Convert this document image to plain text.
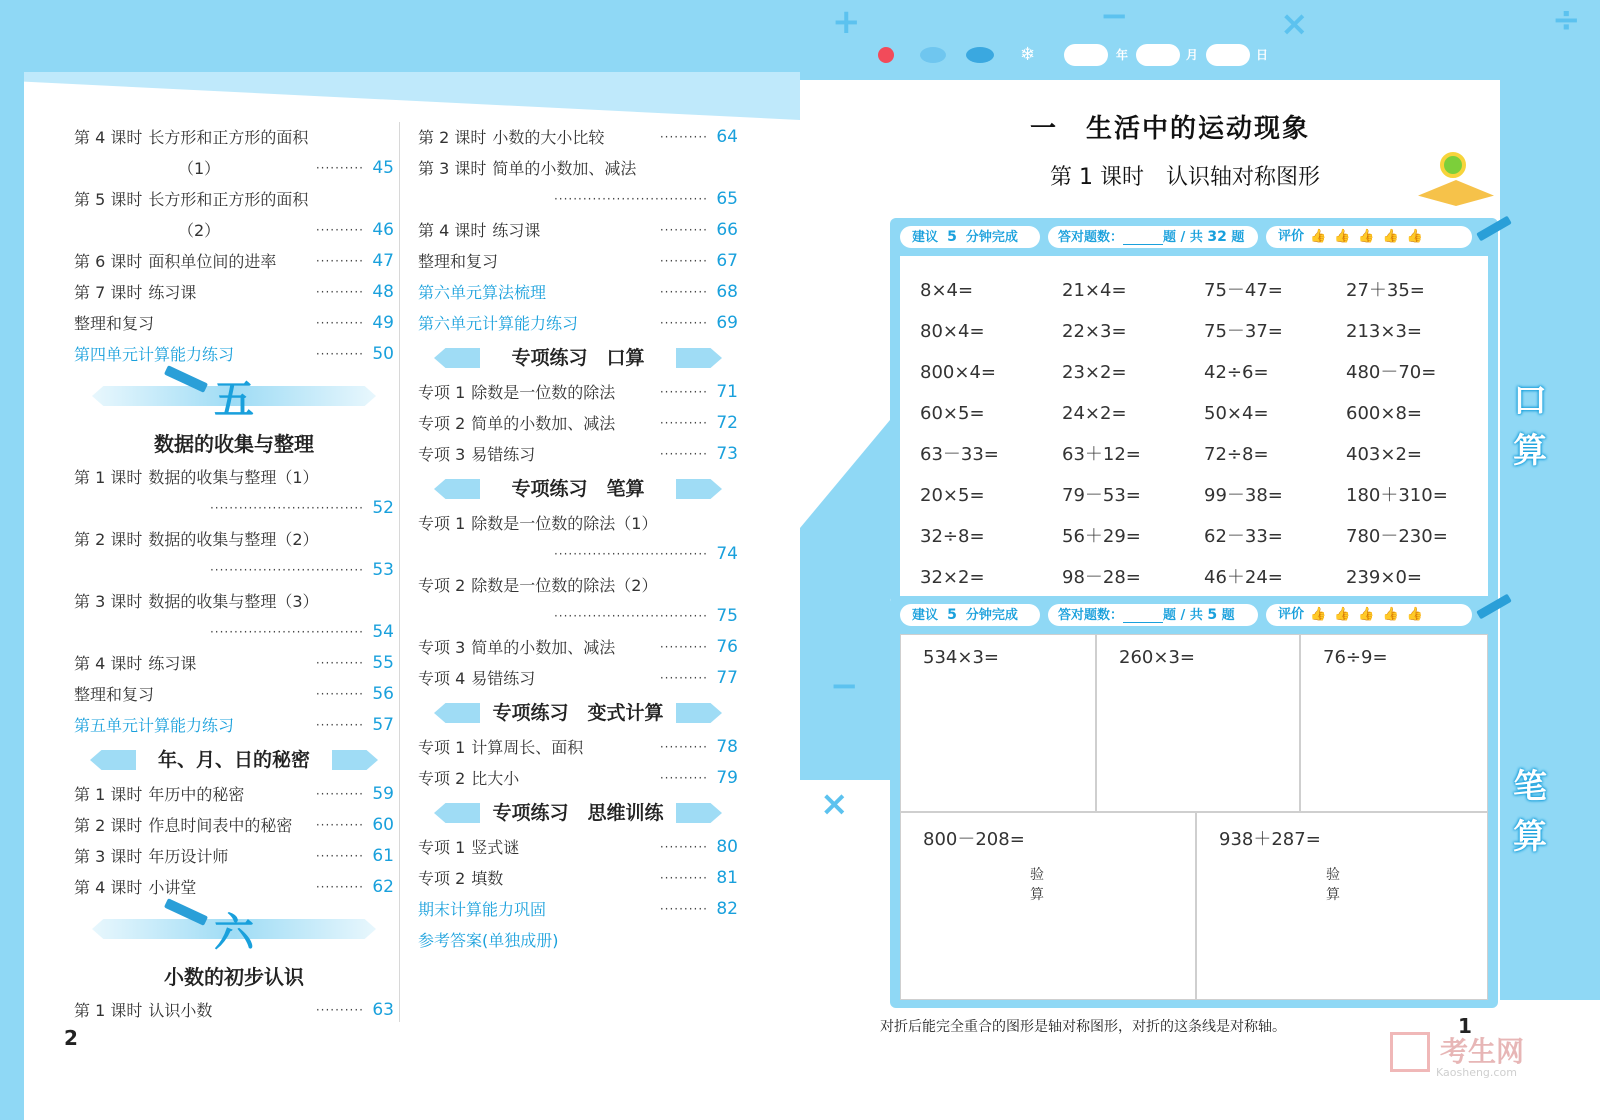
第 4 课时 长方形和正方形的面积
（1）	·········· 45
第 5 课时 长方形和正方形的面积
（2）	·········· 46
第 6 课时 面积单位间的进率	·········· 47
第 7 课时 练习课	·········· 48
整理和复习	·········· 49
第四单元计算能力练习	·········· 50
五
数据的收集与整理
第 1 课时 数据的收集与整理（1）
································ 52
第 2 课时 数据的收集与整理（2）
································ 53
第 3 课时 数据的收集与整理（3）
································ 54
第 4 课时 练习课	·········· 55
整理和复习	·········· 56
第五单元计算能力练习	·········· 57
年、月、日的秘密
第 1 课时 年历中的秘密	·········· 59
第 2 课时 作息时间表中的秘密 ·········· 60
第 3 课时 年历设计师	·········· 61
第 4 课时 小讲堂	·········· 62
六
小数的初步认识
第 1 课时 认识小数	·········· 63
第 2 课时 小数的大小比较	·········· 64
第 3 课时 简单的小数加、减法
································ 65
第 4 课时 练习课	·········· 66
整理和复习	·········· 67
第六单元算法梳理	·········· 68
第六单元计算能力练习	·········· 69
专项练习　口算
专项 1 除数是一位数的除法	·········· 71
专项 2 简单的小数加、减法	·········· 72
专项 3 易错练习	·········· 73
专项练习　笔算
专项 1 除数是一位数的除法（1）
································ 74
专项 2 除数是一位数的除法（2）
································ 75
专项 3 简单的小数加、减法	·········· 76
专项 4 易错练习	·········· 77
专项练习　变式计算
专项 1 计算周长、面积	·········· 78
专项 2 比大小	·········· 79
专项练习　思维训练
专项 1 竖式谜	·········· 80
专项 2 填数	·········· 81
期末计算能力巩固	·········· 82
参考答案(单独成册)
2
+	−	×	÷
−
×
❄	年	月	日
一　生活中的运动现象
第 1 课时　认识轴对称图形
建议 5 分钟完成	答对题数：	题 / 共 32 题	评价 👍👍👍👍👍
8×4=	21×4=	75－47=	27＋35=
80×4=	22×3=	75－37=	213×3=
800×4=	23×2=	42÷6=	480－70=
60×5=	24×2=	50×4=	600×8=
63－33=	63＋12=	72÷8=	403×2=
20×5=	79－53=	99－38=	180＋310=
32÷8=	56＋29=	62－33=	780－230=
32×2=	98－28=	46＋24=	239×0=
建议 5 分钟完成	答对题数：	题 / 共 5 题	评价 👍👍👍👍👍
534×3=	260×3=	76÷9=
800－208=
验
算
938＋287=
验
算
口
算
笔
算
对折后能完全重合的图形是轴对称图形，对折的这条线是对称轴。	1
考生网
Kaosheng.com
